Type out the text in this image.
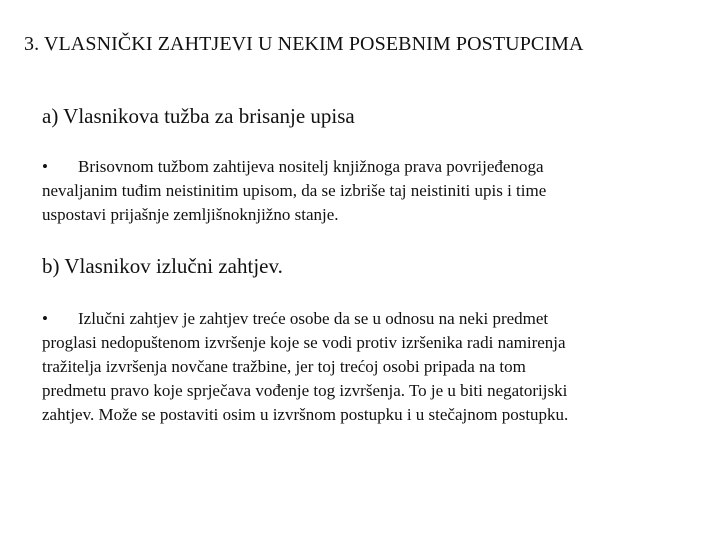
3. VLASNIČKI ZAHTJEVI U NEKIM POSEBNIM POSTUPCIMA
a) Vlasnikova tužba za brisanje upisa
• Brisovnom tužbom zahtijeva nositelj knjižnoga prava povrijeđenoga
nevaljanim tuđim neistinitim upisom, da se izbriše taj neistiniti upis i time
uspostavi prijašnje zemljišnoknjižno stanje.
b) Vlasnikov izlučni zahtjev.
• Izlučni zahtjev je zahtjev treće osobe da se u odnosu na neki predmet
proglasi nedopuštenom izvršenje koje se vodi protiv izršenika radi namirenja
tražitelja izvršenja novčane tražbine, jer toj trećoj osobi pripada na tom
predmetu pravo koje sprječava vođenje tog izvršenja. To je u biti negatorijski
zahtjev. Može se postaviti osim u izvršnom postupku i u stečajnom postupku.
